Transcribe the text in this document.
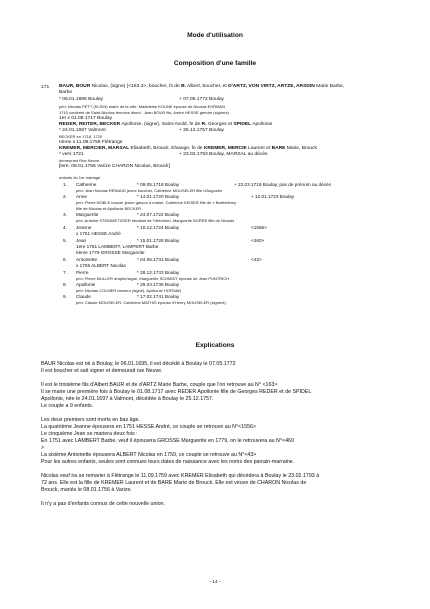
Mode d'utilisation
Composition d'une famille
171 BAUR, BOUR Nicolas, (signe) {<163.3>, boucher, fs de B. Albert, boucher, et D'ARTZ, VON VIRTZ, ARTZE, ARSDIN Marie Barbe,
Barbe
* 06.01.1695 Boulay	+ 07.05.1772 Boulay
prin: Nicolas PETT (KLEIN) maire de la ville, Madeleine KOUNE épouse de Nicolas EHRMAN
1710 confirmé de Saint-Nicolas témoins direct : Jean BOUR fils, André HESSE gendre (signent)
1er x 01.08.1717 Boulay
REDER, REITER, BECKER Apollonie, (signe), Saint-Avold, fe de R. Georges et SPIDEL Apollonie
* 24.01.1697 Valmont	+ 25.12.1757 Boulay
BECKER en 1718, 1720
IIème x 11.09.1759 Flétrange
KREMER, MERCIER, MARSAL Elisabeth, Brouck, Elvange, fe de KREMER, MERCIE Laurent et BARE Marie, Brouck
* vers 1721	+ 23.02.1793 Boulay, MARSAL au décès
demeurant Rue Neuve
[lere. 08.01.1756 Varize CHARON Nicolas, Brouck]
enfants du 1er mariage
1. Catherine	* 09.05.1718 Boulay	+ 22.03.1719 Boulay, pas de prénom au décès
prin: Jean Nicolas RENAUD jeune boucher, Catherine MOUSELER fille d'Augustin
2. Anne	* 14.01.1720 Boulay	+ 12.01.1723 Boulay
prin: Pierre NOBLE bouver jeune garçon à marier, Catherine KEISER fille de « Barthélemy
fille de Nicolas et Apollonie BECKER
3. Marguerite	* 24.07.1722 Boulay
prin: Antoine STEINMETZGER étudiant de Tétérchen, Marguerite BORRE fille de Nicolas
4. Jeanne	* 10.12.1724 Boulay	<1556>
x 1751 HESSE André
5. Jean	* 15.01.1728 Boulay	<460>
1ere 1751 LAMBERT, LAMPERT Barbe
IIème 1779 GROSSE Marguerite
6. Antoinette	* 04.05.1731 Boulay	<43>
x 1759 ALBERT Nicolas
7. Pierre	* 28.12.1733 Boulay
prin: Pierre MULLER drapier/signe, Marguerite SCHMIDT épouse de Jean PUNTRICH
8. Apollonie	* 29.03.1736 Boulay
prin: Nicolas COLMER tanneur (signe), Apollonie HOFMAN
9. Claude	* 17.02.1741 Boulay
prin: Claude MOUSELER, Catherine MATHIS épouse d'Henry MOUSELER (signent)
Explications
BAUR Nicolas est né à Boulay, le 06.01.1695, il est décédé à Boulay le 07.05.1772
Il est boucher et sait signer et demeurait rue Neuve.
Il est le troisième fils d'Albert BAUR et de d'ARTZ Marie Barbe, couple que l'on retrouve au N° <163>
Il se marie une première fois à Boulay le 01.08.1717 avec REDER Apollonie fille de Georges REDER et de SPIDEL
Apollonie, née le 24.01.1697 à Valmont, décédée à Boulay le 25.12.1757.
Le couple a 9 enfants.
Les deux premiers sont morts en bas âge.
La quatrième Jeanne épousera en 1751 HESSE André, ce couple se retrouve au N°<1556>
Le cinquième Jean se mariera deux fois :
En 1751 avec LAMBERT Barbe, veuf il épousera GROSSE Marguerite en 1779, on le retrouvera au N°<460
>
La sixième Antoinette épousera ALBERT Nicolas en 1759, ce couple se retrouve au N°<43>
Pour les autres enfants, seules sont connues leurs dates de naissance avec les noms des parrain-marraine.
Nicolas veuf ira se remarier à Flétrange le 11.09.1759 avec KREMER Elisabeth qui décédera à Boulay le 23.02.1793 à
72 ans. Elle est la fille de KREMER Laurent et de BARE Marie de Brouck. Elle est veuve de CHARON Nicolas de
Brouck, mariés le 08.01.1756 à Varize.
Il n'y a pas d'enfants connus de cette nouvelle union.
- 14 -
